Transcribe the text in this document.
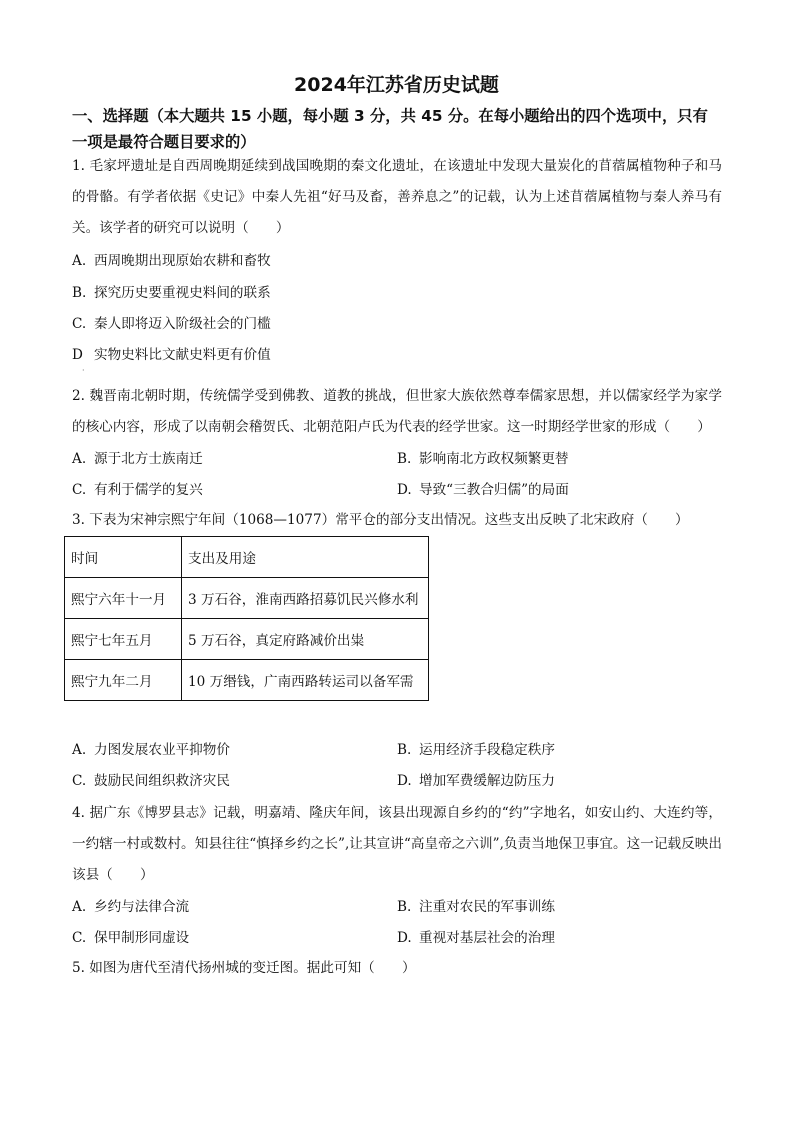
2024年江苏省历史试题
一、选择题（本大题共 15 小题，每小题 3 分，共 45 分。在每小题给出的四个选项中，只有
一项是最符合题目要求的）
1. 毛家坪遗址是自西周晚期延续到战国晚期的秦文化遗址，在该遗址中发现大量炭化的苜蓿属植物种子和马的骨骼。有学者依据《史记》中秦人先祖“好马及畜，善养息之”的记载，认为上述苜蓿属植物与秦人养马有关。该学者的研究可以说明（　　）
A. 西周晚期出现原始农耕和畜牧
B. 探究历史要重视史料间的联系
C. 秦人即将迈入阶级社会的门槛
D 实物史料比文献史料更有价值
·
2. 魏晋南北朝时期，传统儒学受到佛教、道教的挑战，但世家大族依然尊奉儒家思想，并以儒家经学为家学的核心内容，形成了以南朝会稽贺氏、北朝范阳卢氏为代表的经学世家。这一时期经学世家的形成（　　）
A. 源于北方士族南迁	B. 影响南北方政权频繁更替
C. 有利于儒学的复兴	D. 导致“三教合归儒”的局面
3. 下表为宋神宗熙宁年间（1068—1077）常平仓的部分支出情况。这些支出反映了北宋政府（　　）
时间	支出及用途
熙宁六年十一月	3 万石谷，淮南西路招募饥民兴修水利
熙宁七年五月	5 万石谷，真定府路减价出粜
熙宁九年二月	10 万缗钱，广南西路转运司以备军需
A. 力图发展农业平抑物价	B. 运用经济手段稳定秩序
C. 鼓励民间组织救济灾民	D. 增加军费缓解边防压力
4. 据广东《博罗县志》记载，明嘉靖、隆庆年间，该县出现源自乡约的“约”字地名，如安山约、大连约等，一约辖一村或数村。知县往往“慎择乡约之长”,让其宣讲“高皇帝之六训”,负责当地保卫事宜。这一记载反映出该县（　　）
A. 乡约与法律合流	B. 注重对农民的军事训练
C. 保甲制形同虚设	D. 重视对基层社会的治理
5. 如图为唐代至清代扬州城的变迁图。据此可知（　　）
